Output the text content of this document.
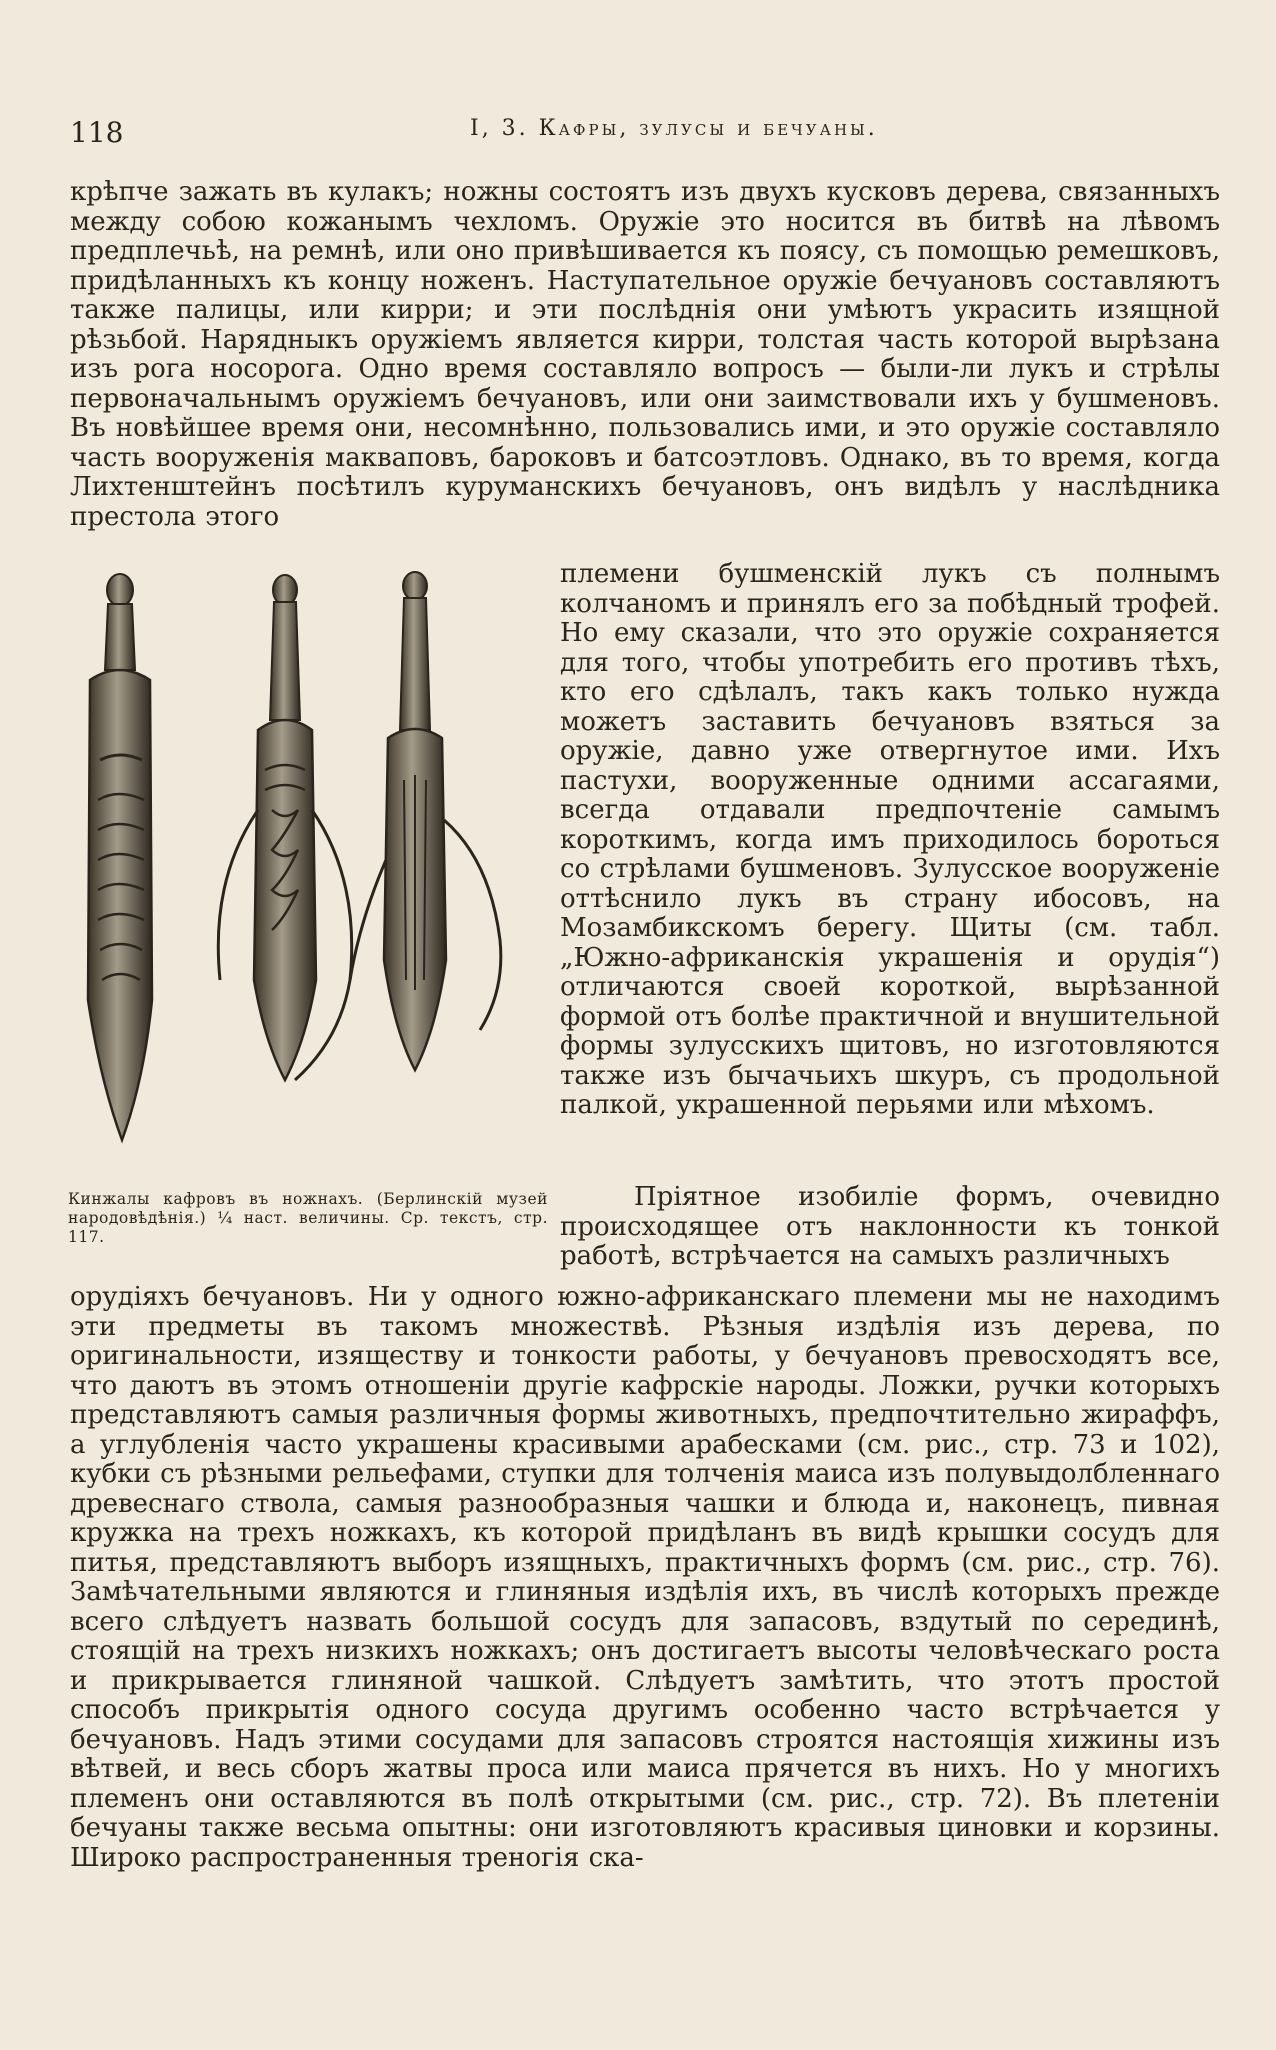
118	I, 3. Кафры, зулусы и бечуаны.

крѣпче зажать въ кулакъ; ножны состоятъ изъ двухъ кусковъ дерева, связанныхъ между собою кожанымъ чехломъ. Оружіе это носится въ битвѣ на лѣвомъ предплечьѣ, на ремнѣ, или оно привѣшивается къ поясу, съ помощью ремешковъ, придѣланныхъ къ концу ноженъ. Наступательное оружіе бечуановъ составляютъ также палицы, или кирри; и эти послѣднія они умѣютъ украсить изящной рѣзьбой. Нарядныкъ оружіемъ является кирри, толстая часть которой вырѣзана изъ рога носорога. Одно время составляло вопросъ — были-ли лукъ и стрѣлы первоначальнымъ оружіемъ бечуановъ, или они заимствовали ихъ у бушменовъ. Въ новѣйшее время они, несомнѣнно, пользовались ими, и это оружіе составляло часть вооруженія макваповъ, бароковъ и батсоэтловъ. Однако, въ то время, когда Лихтенштейнъ посѣтилъ куруманскихъ бечуановъ, онъ видѣлъ у наслѣдника престола этого

Кинжалы кафровъ въ ножнахъ. (Берлинскій музей народовѣдѣнія.) ¼ наст. величины. Ср. текстъ, стр. 117.

племени бушменскій лукъ съ полнымъ колчаномъ и принялъ его за побѣдный трофей. Но ему сказали, что это оружіе сохраняется для того, чтобы употребить его противъ тѣхъ, кто его сдѣлалъ, такъ какъ только нужда можетъ заставить бечуановъ взяться за оружіе, давно уже отвергнутое ими. Ихъ пастухи, вооруженные одними ассагаями, всегда отдавали предпочтеніе самымъ короткимъ, когда имъ приходилось бороться со стрѣлами бушменовъ. Зулусское вооруженіе оттѣснило лукъ въ страну ибосовъ, на Мозамбикскомъ берегу. Щиты (см. табл. „Южно-африканскія украшенія и орудія“) отличаются своей короткой, вырѣзанной формой отъ болѣе практичной и внушительной формы зулусскихъ щитовъ, но изготовляются также изъ бычачьихъ шкуръ, съ продольной палкой, украшенной перьями или мѣхомъ.

Пріятное изобиліе формъ, очевидно происходящее отъ наклонности къ тонкой работѣ, встрѣчается на самыхъ различныхъ

орудіяхъ бечуановъ. Ни у одного южно-африканскаго племени мы не находимъ эти предметы въ такомъ множествѣ. Рѣзныя издѣлія изъ дерева, по оригинальности, изяществу и тонкости работы, у бечуановъ превосходятъ все, что даютъ въ этомъ отношеніи другіе кафрскіе народы. Ложки, ручки которыхъ представляютъ самыя различныя формы животныхъ, предпочтительно жираффъ, а углубленія часто украшены красивыми арабесками (см. рис., стр. 73 и 102), кубки съ рѣзными рельефами, ступки для толченія маиса изъ полувыдолбленнаго древеснаго ствола, самыя разнообразныя чашки и блюда и, наконецъ, пивная кружка на трехъ ножкахъ, къ которой придѣланъ въ видѣ крышки сосудъ для питья, представляютъ выборъ изящныхъ, практичныхъ формъ (см. рис., стр. 76). Замѣчательными являются и глиняныя издѣлія ихъ, въ числѣ которыхъ прежде всего слѣдуетъ назвать большой сосудъ для запасовъ, вздутый по серединѣ, стоящій на трехъ низкихъ ножкахъ; онъ достигаетъ высоты человѣческаго роста и прикрывается глиняной чашкой. Слѣдуетъ замѣтить, что этотъ простой способъ прикрытія одного сосуда другимъ особенно часто встрѣчается у бечуановъ. Надъ этими сосудами для запасовъ строятся настоящія хижины изъ вѣтвей, и весь сборъ жатвы проса или маиса прячется въ нихъ. Но у многихъ племенъ они оставляются въ полѣ открытыми (см. рис., стр. 72). Въ плетеніи бечуаны также весьма опытны: они изготовляютъ красивыя циновки и корзины. Широко распространенныя треногія ска-
